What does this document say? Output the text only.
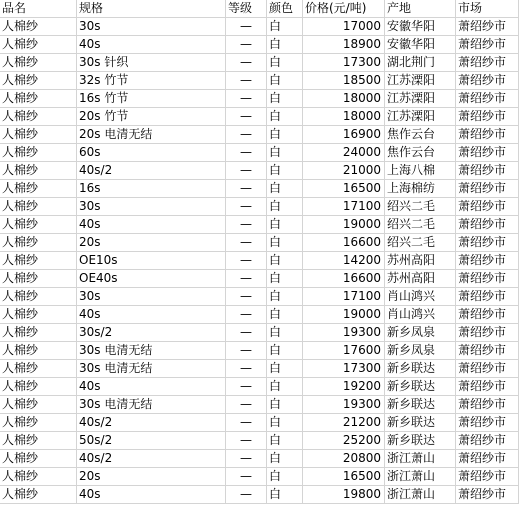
品名	规格	等级	颜色	价格(元/吨)	产地	市场
人棉纱	30s	—	白	17000	安徽华阳	萧绍纱市
人棉纱	40s	—	白	18900	安徽华阳	萧绍纱市
人棉纱	30s 针织	—	白	17300	湖北荆门	萧绍纱市
人棉纱	32s 竹节	—	白	18500	江苏溧阳	萧绍纱市
人棉纱	16s 竹节	—	白	18000	江苏溧阳	萧绍纱市
人棉纱	20s 竹节	—	白	18000	江苏溧阳	萧绍纱市
人棉纱	20s 电清无结	—	白	16900	焦作云台	萧绍纱市
人棉纱	60s	—	白	24000	焦作云台	萧绍纱市
人棉纱	40s/2	—	白	21000	上海八棉	萧绍纱市
人棉纱	16s	—	白	16500	上海棉纺	萧绍纱市
人棉纱	30s	—	白	17100	绍兴二毛	萧绍纱市
人棉纱	40s	—	白	19000	绍兴二毛	萧绍纱市
人棉纱	20s	—	白	16600	绍兴二毛	萧绍纱市
人棉纱	OE10s	—	白	14200	苏州高阳	萧绍纱市
人棉纱	OE40s	—	白	16600	苏州高阳	萧绍纱市
人棉纱	30s	—	白	17100	肖山鸿兴	萧绍纱市
人棉纱	40s	—	白	19000	肖山鸿兴	萧绍纱市
人棉纱	30s/2	—	白	19300	新乡凤泉	萧绍纱市
人棉纱	30s 电清无结	—	白	17600	新乡凤泉	萧绍纱市
人棉纱	30s 电清无结	—	白	17300	新乡联达	萧绍纱市
人棉纱	40s	—	白	19200	新乡联达	萧绍纱市
人棉纱	30s 电清无结	—	白	19300	新乡联达	萧绍纱市
人棉纱	40s/2	—	白	21200	新乡联达	萧绍纱市
人棉纱	50s/2	—	白	25200	新乡联达	萧绍纱市
人棉纱	40s/2	—	白	20800	浙江萧山	萧绍纱市
人棉纱	20s	—	白	16500	浙江萧山	萧绍纱市
人棉纱	40s	—	白	19800	浙江萧山	萧绍纱市
